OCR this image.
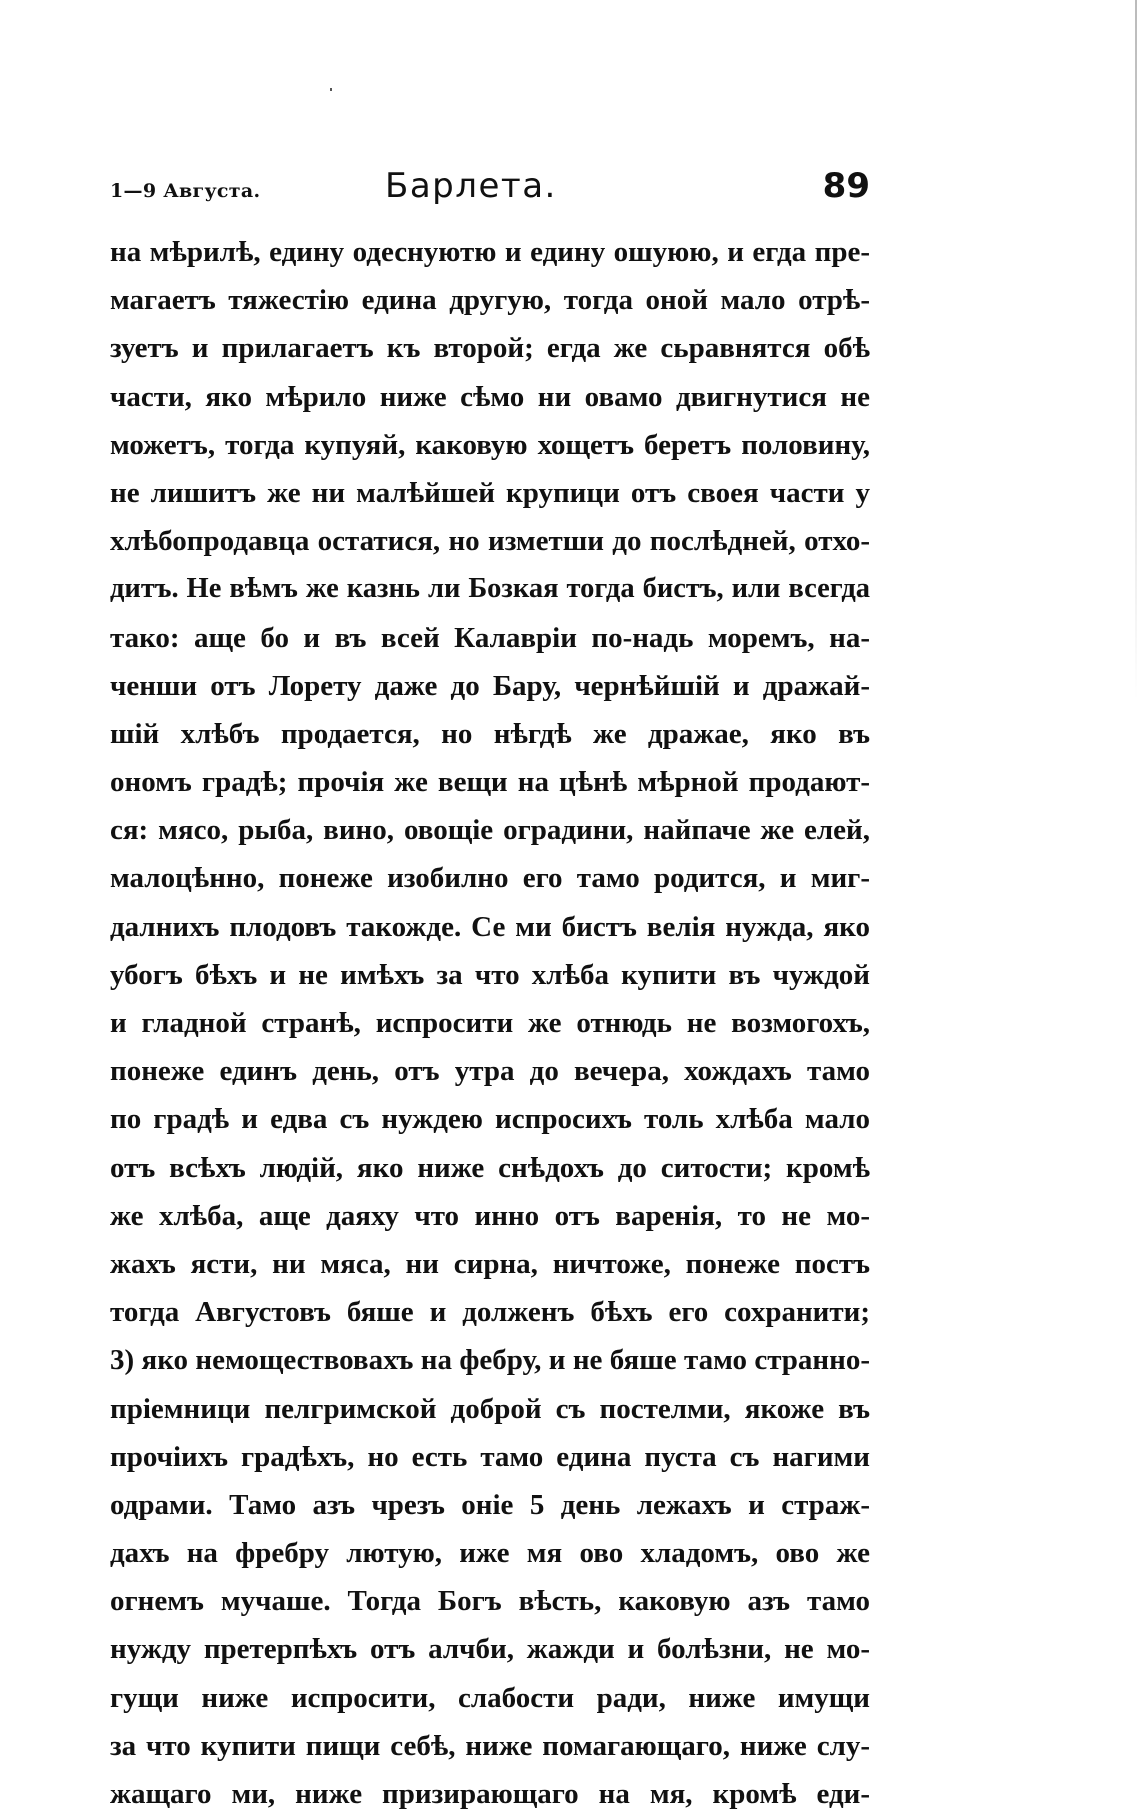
1—9 Августа.	Барлета.	89
на мѣрилѣ, едину одеснуютю и едину ошуюю, и егда пре-
магаетъ тяжестію едина другую, тогда оной мало отрѣ-
зуетъ и прилагаетъ къ второй; егда же сьравнятся обѣ
части, яко мѣрило ниже сѣмо ни овамо двигнутися не
можетъ, тогда купуяй, каковую хощетъ беретъ половину,
не лишитъ же ни малѣйшей крупици отъ своея части у
хлѣбопродавца остатися, но изметши до послѣдней, отхо-
дитъ. Не вѣмъ же казнь ли Бозкая тогда бистъ, или всегда
тако: аще бо и въ всей Калавріи по-надь моремъ, на-
ченши отъ Лорету даже до Бару, чернѣйшій и дражай-
шій хлѣбъ продается, но нѣгдѣ же дражае, яко въ
ономъ градѣ; прочія же вещи на цѣнѣ мѣрной продают-
ся: мясо, рыба, вино, овощіе оградини, найпаче же елей,
малоцѣнно, понеже изобилно его тамо родится, и миг-
далнихъ плодовъ такожде. Се ми бистъ велія нужда, яко
убогъ бѣхъ и не имѣхъ за что хлѣба купити въ чуждой
и гладной странѣ, испросити же отнюдь не возмогохъ,
понеже единъ день, отъ утра до вечера, хождахъ тамо
по градѣ и едва съ нуждею испросихъ толь хлѣба мало
отъ всѣхъ людій, яко ниже снѣдохъ до ситости; кромѣ
же хлѣба, аще даяху что инно отъ варенія, то не мо-
жахъ ясти, ни мяса, ни сирна, ничтоже, понеже постъ
тогда Августовъ бяше и долженъ бѣхъ его сохранити;
3) яко немоществовахъ на фебру, и не бяше тамо странно-
пріемници пелгримской доброй съ постелми, якоже въ
прочіихъ градѣхъ, но есть тамо единa пуста съ нагими
одрами. Тамо азъ чрезъ оніе 5 день лежахъ и страж-
дахъ на фребру лютую, иже мя ово хладомъ, ово же
огнемъ мучаше. Тогда Богъ вѣсть, каковую азъ тамо
нужду претерпѣхъ отъ алчби, жажди и болѣзни, не мо-
гущи ниже испросити, слабости ради, ниже имущи
за что купити пищи себѣ, ниже помагающаго, ниже слу-
жащаго ми, ниже призирающаго на мя, кромѣ еди-
